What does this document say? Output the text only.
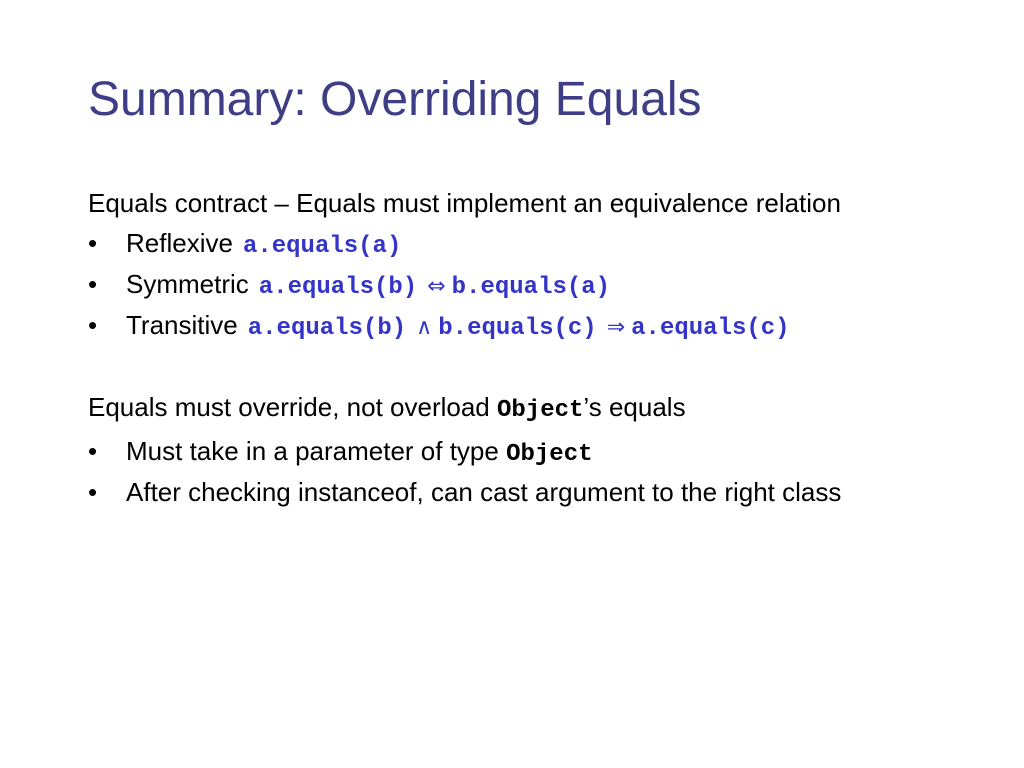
Summary: Overriding Equals

Equals contract – Equals must implement an equivalence relation

• Reflexive a.equals(a)
• Symmetric a.equals(b) ⇔ b.equals(a)
• Transitive a.equals(b) ∧ b.equals(c) ⇒ a.equals(c)

Equals must override, not overload Object’s equals

• Must take in a parameter of type Object
• After checking instanceof, can cast argument to the right class
